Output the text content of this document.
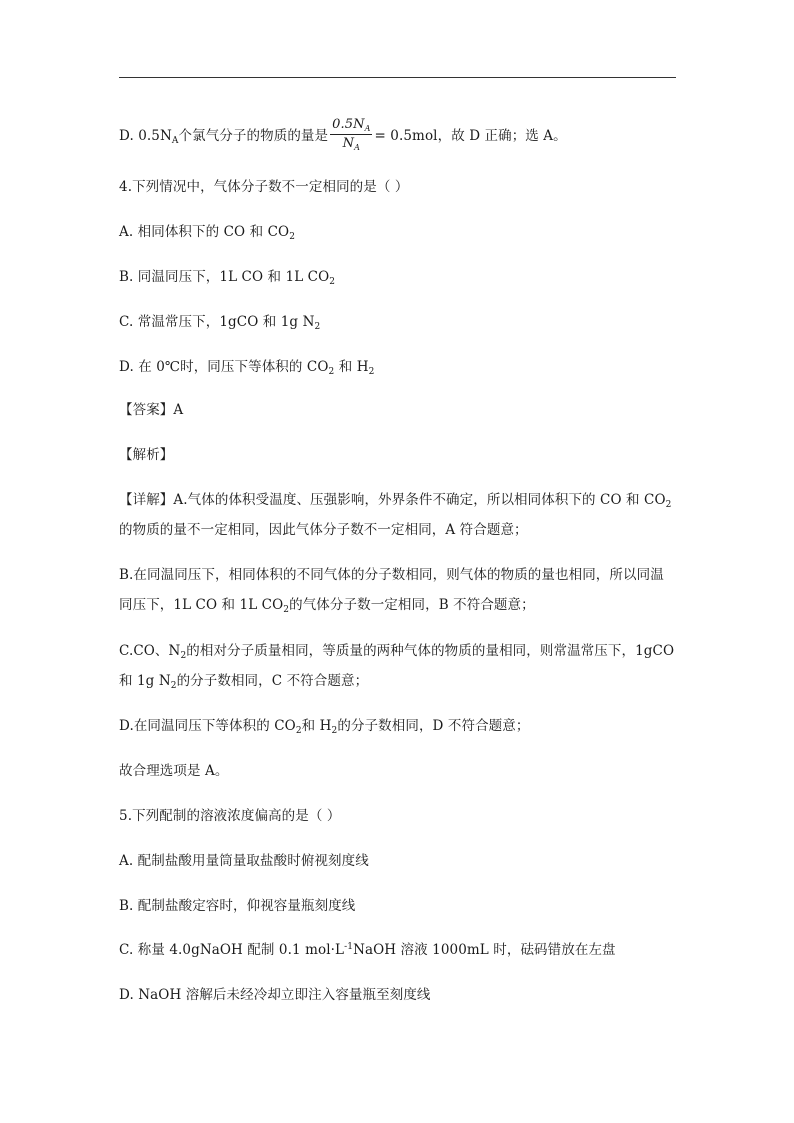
D. $0.5N_A$个氯气分子的物质的量是 $\frac{0.5N_A}{N_A} = 0.5mol$，故 D 正确；选 A。
4.下列情况中，气体分子数不一定相同的是（ ）
A. 相同体积下的 CO 和 $CO_2$
B. 同温同压下，1L CO 和 1L $CO_2$
C. 常温常压下，1gCO 和 1g $N_2$
D. 在 0℃时，同压下等体积的 $CO_2$ 和 $H_2$
【答案】A
【解析】
【详解】A.气体的体积受温度、压强影响，外界条件不确定，所以相同体积下的 CO 和 $CO_2$
的物质的量不一定相同，因此气体分子数不一定相同，A 符合题意；
B.在同温同压下，相同体积的不同气体的分子数相同，则气体的物质的量也相同，所以同温
同压下，1L CO 和 1L $CO_2$的气体分子数一定相同，B 不符合题意；
C.CO、$N_2$的相对分子质量相同，等质量的两种气体的物质的量相同，则常温常压下，1gCO
和 1g $N_2$的分子数相同，C 不符合题意；
D.在同温同压下等体积的 $CO_2$和 $H_2$的分子数相同，D 不符合题意；
故合理选项是 A。
5.下列配制的溶液浓度偏高的是（ ）
A. 配制盐酸用量筒量取盐酸时俯视刻度线
B. 配制盐酸定容时，仰视容量瓶刻度线
C. 称量 4.0gNaOH 配制 0.1 $mol\cdot L^{-1}NaOH$ 溶液 1000mL 时，砝码错放在左盘
D. NaOH 溶解后未经冷却立即注入容量瓶至刻度线
